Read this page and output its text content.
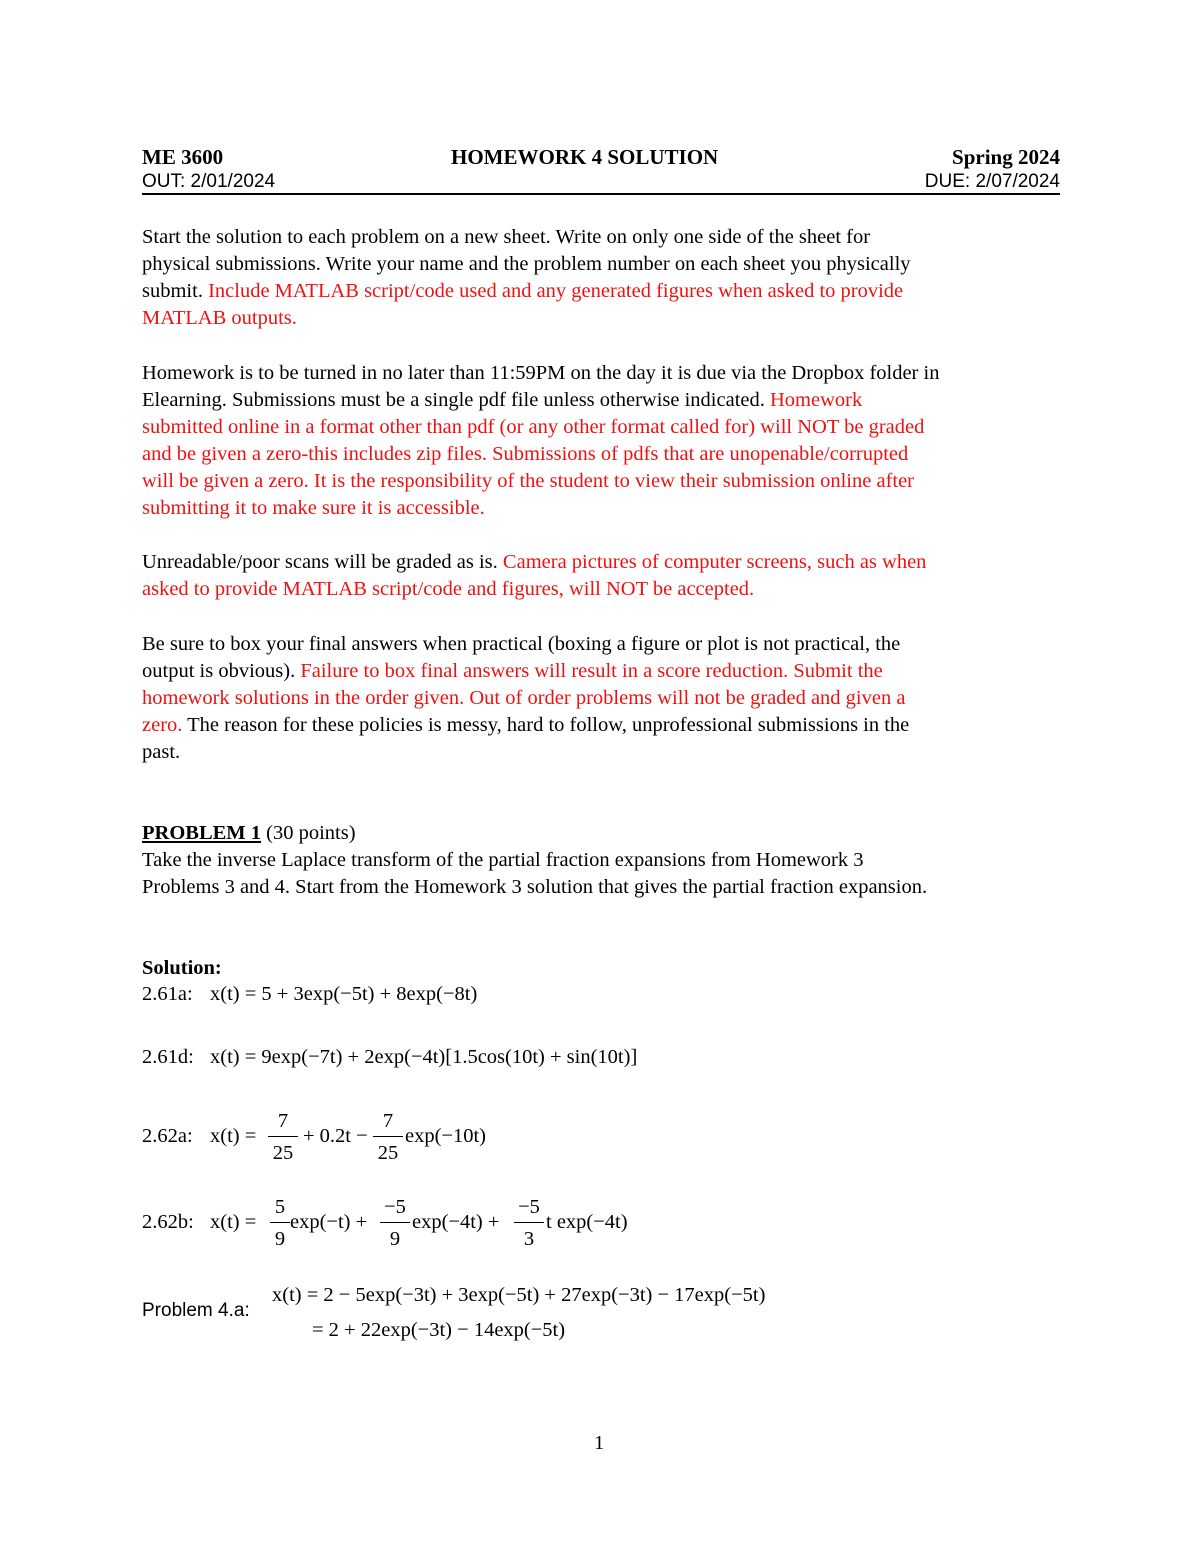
ME 3600	HOMEWORK 4 SOLUTION	Spring 2024
OUT: 2/01/2024	DUE: 2/07/2024
Start the solution to each problem on a new sheet. Write on only one side of the sheet for
physical submissions. Write your name and the problem number on each sheet you physically
submit. Include MATLAB script/code used and any generated figures when asked to provide
MATLAB outputs.
Homework is to be turned in no later than 11:59PM on the day it is due via the Dropbox folder in
Elearning. Submissions must be a single pdf file unless otherwise indicated. Homework
submitted online in a format other than pdf (or any other format called for) will NOT be graded
and be given a zero-this includes zip files. Submissions of pdfs that are unopenable/corrupted
will be given a zero. It is the responsibility of the student to view their submission online after
submitting it to make sure it is accessible.
Unreadable/poor scans will be graded as is. Camera pictures of computer screens, such as when
asked to provide MATLAB script/code and figures, will NOT be accepted.
Be sure to box your final answers when practical (boxing a figure or plot is not practical, the
output is obvious). Failure to box final answers will result in a score reduction. Submit the
homework solutions in the order given. Out of order problems will not be graded and given a
zero. The reason for these policies is messy, hard to follow, unprofessional submissions in the
past.
PROBLEM 1 (30 points)
Take the inverse Laplace transform of the partial fraction expansions from Homework 3
Problems 3 and 4. Start from the Homework 3 solution that gives the partial fraction expansion.
Solution:
2.61a: x(t) = 5 + 3exp(−5t) + 8exp(−8t)
2.61d: x(t) = 9exp(−7t) + 2exp(−4t)[1.5cos(10t) + sin(10t)]
2.62a: x(t) =
7
25
+ 0.2t −
7
25
exp(−10t)
2.62b: x(t) =
5
9
exp(−t) +
−5
9
exp(−4t) +
−5
3
t exp(−4t)
Problem 4.a:
x(t) = 2 − 5exp(−3t) + 3exp(−5t) + 27exp(−3t) − 17exp(−5t)
= 2 + 22exp(−3t) − 14exp(−5t)
1
